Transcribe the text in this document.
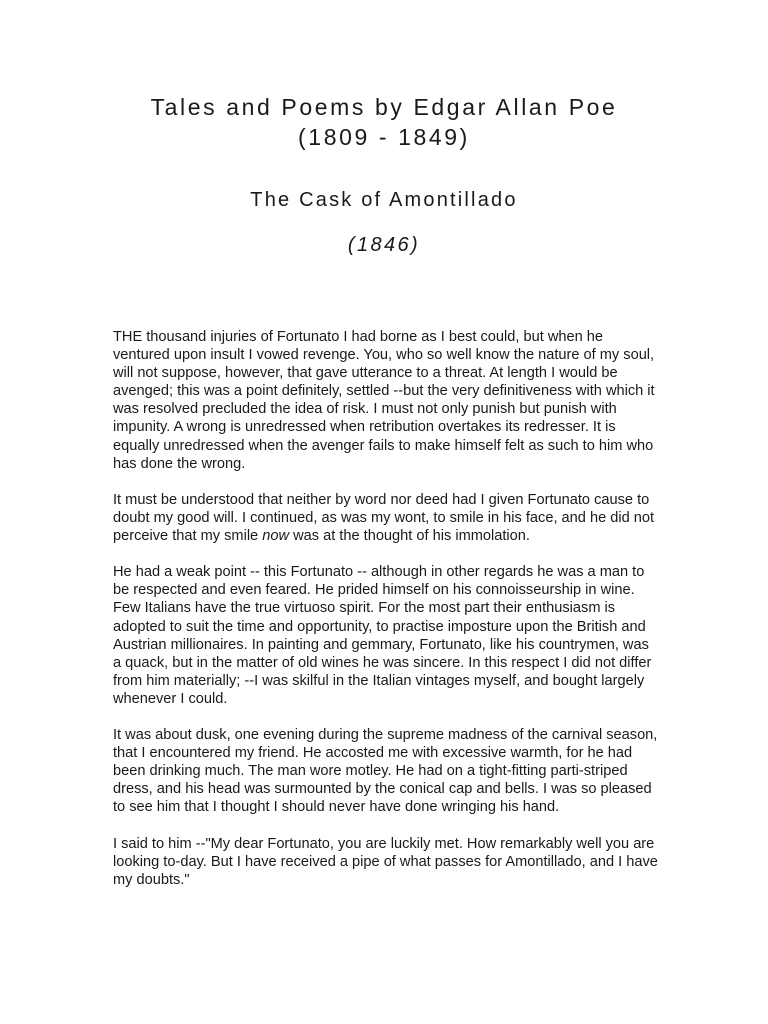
Tales and Poems by Edgar Allan Poe
(1809 - 1849)
The Cask of Amontillado
(1846)

THE thousand injuries of Fortunato I had borne as I best could, but when he ventured upon insult I vowed revenge. You, who so well know the nature of my soul, will not suppose, however, that gave utterance to a threat. At length I would be avenged; this was a point definitely, settled --but the very definitiveness with which it was resolved precluded the idea of risk. I must not only punish but punish with impunity. A wrong is unredressed when retribution overtakes its redresser. It is equally unredressed when the avenger fails to make himself felt as such to him who has done the wrong.

It must be understood that neither by word nor deed had I given Fortunato cause to doubt my good will. I continued, as was my wont, to smile in his face, and he did not perceive that my smile now was at the thought of his immolation.

He had a weak point -- this Fortunato -- although in other regards he was a man to be respected and even feared. He prided himself on his connoisseurship in wine. Few Italians have the true virtuoso spirit. For the most part their enthusiasm is adopted to suit the time and opportunity, to practise imposture upon the British and Austrian millionaires. In painting and gemmary, Fortunato, like his countrymen, was a quack, but in the matter of old wines he was sincere. In this respect I did not differ from him materially; --I was skilful in the Italian vintages myself, and bought largely whenever I could.

It was about dusk, one evening during the supreme madness of the carnival season, that I encountered my friend. He accosted me with excessive warmth, for he had been drinking much. The man wore motley. He had on a tight-fitting parti-striped dress, and his head was surmounted by the conical cap and bells. I was so pleased to see him that I thought I should never have done wringing his hand.

I said to him --"My dear Fortunato, you are luckily met. How remarkably well you are looking to-day. But I have received a pipe of what passes for Amontillado, and I have my doubts."
